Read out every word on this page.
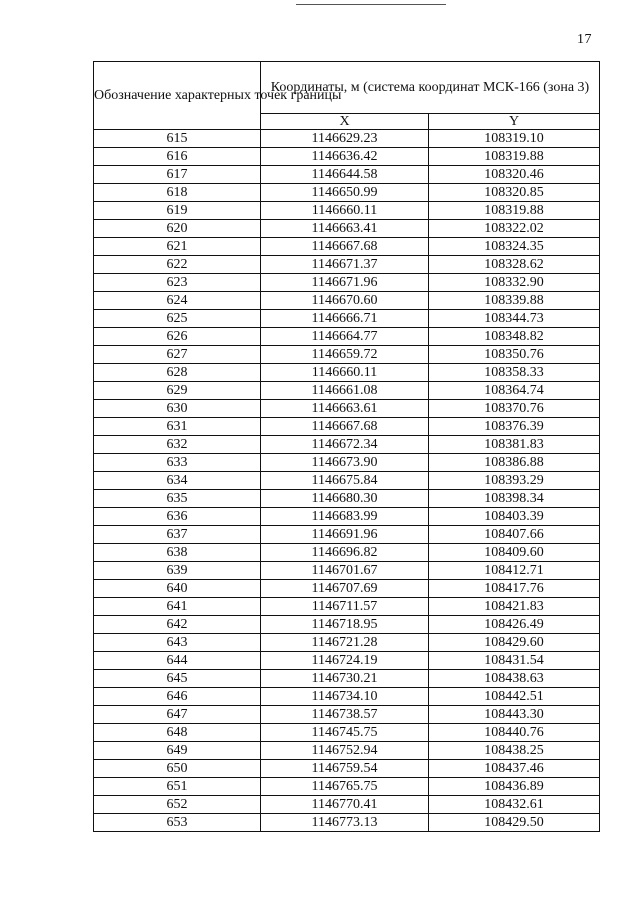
17
Обозначение характерных точек границы	Координаты, м (система координат МСК-166 (зона 3)	
	X	Y
615	1146629.23	108319.10
616	1146636.42	108319.88
617	1146644.58	108320.46
618	1146650.99	108320.85
619	1146660.11	108319.88
620	1146663.41	108322.02
621	1146667.68	108324.35
622	1146671.37	108328.62
623	1146671.96	108332.90
624	1146670.60	108339.88
625	1146666.71	108344.73
626	1146664.77	108348.82
627	1146659.72	108350.76
628	1146660.11	108358.33
629	1146661.08	108364.74
630	1146663.61	108370.76
631	1146667.68	108376.39
632	1146672.34	108381.83
633	1146673.90	108386.88
634	1146675.84	108393.29
635	1146680.30	108398.34
636	1146683.99	108403.39
637	1146691.96	108407.66
638	1146696.82	108409.60
639	1146701.67	108412.71
640	1146707.69	108417.76
641	1146711.57	108421.83
642	1146718.95	108426.49
643	1146721.28	108429.60
644	1146724.19	108431.54
645	1146730.21	108438.63
646	1146734.10	108442.51
647	1146738.57	108443.30
648	1146745.75	108440.76
649	1146752.94	108438.25
650	1146759.54	108437.46
651	1146765.75	108436.89
652	1146770.41	108432.61
653	1146773.13	108429.50
